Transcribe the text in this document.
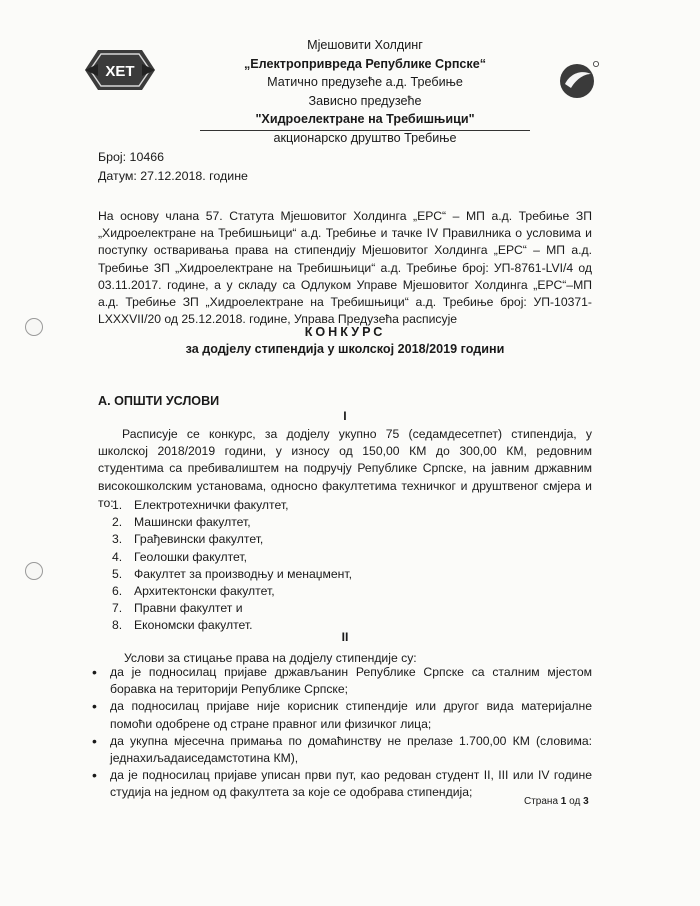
ХЕТ
Мјешовити Холдинг
„Електропривреда Републике Српске“
Матично предузеће а.д. Требиње
Зависно предузеће
"Хидроелектране на Требишњици"
акционарско друштво Требиње
Број: 10466
Датум: 27.12.2018. године
На основу члана 57. Статута Мјешовитог Холдинга „ЕРС“ – МП а.д. Требиње ЗП „Хидроелектране на Требишњици“ а.д. Требиње и тачке IV Правилника о условима и поступку остваривања права на стипендију Мјешовитог Холдинга „ЕРС“ – МП а.д. Требиње ЗП „Хидроелектране на Требишњици“ а.д. Требиње број: УП-8761-LVI/4 од 03.11.2017. године, а у складу са Одлуком Управе Мјешовитог Холдинга „ЕРС“–МП а.д. Требиње ЗП „Хидроелектране на Требишњици“ а.д. Требиње број: УП-10371-LXXXVII/20 од 25.12.2018. године, Управа Предузећа расписује
КОНКУРС
за додјелу стипендија у школској 2018/2019 години
А. ОПШТИ УСЛОВИ
I
Расписује се конкурс, за додјелу укупно 75 (седамдесетпет) стипендија, у школској 2018/2019 години, у износу од 150,00 КМ до 300,00 КМ, редовним студентима са пребивалиштем на подручју Републике Српске, на јавним државним високошколским установама, односно факултетима техничког и друштвеног смјера и то:
1. Електротехнички факултет,
2. Машински факултет,
3. Грађевински факултет,
4. Геолошки факултет,
5. Факултет за производњу и менаџмент,
6. Архитектонски факултет,
7. Правни факултет и
8. Економски факултет.
II
Услови за стицање права на додјелу стипендије су:
• да је подносилац пријаве држављанин Републике Српске са сталним мјестом боравка на територији Републике Српске;
• да подносилац пријаве није корисник стипендије или другог вида материјалне помоћи одобрене од стране правног или физичког лица;
• да укупна мјесечна примања по домаћинству не прелазе 1.700,00 КМ (словима: једнахиљадаиседамстотина КМ),
• да је подносилац пријаве уписан први пут, као редован студент II, III или IV године студија на једном од факултета за које се одобрава стипендија;
Страна 1 од 3
